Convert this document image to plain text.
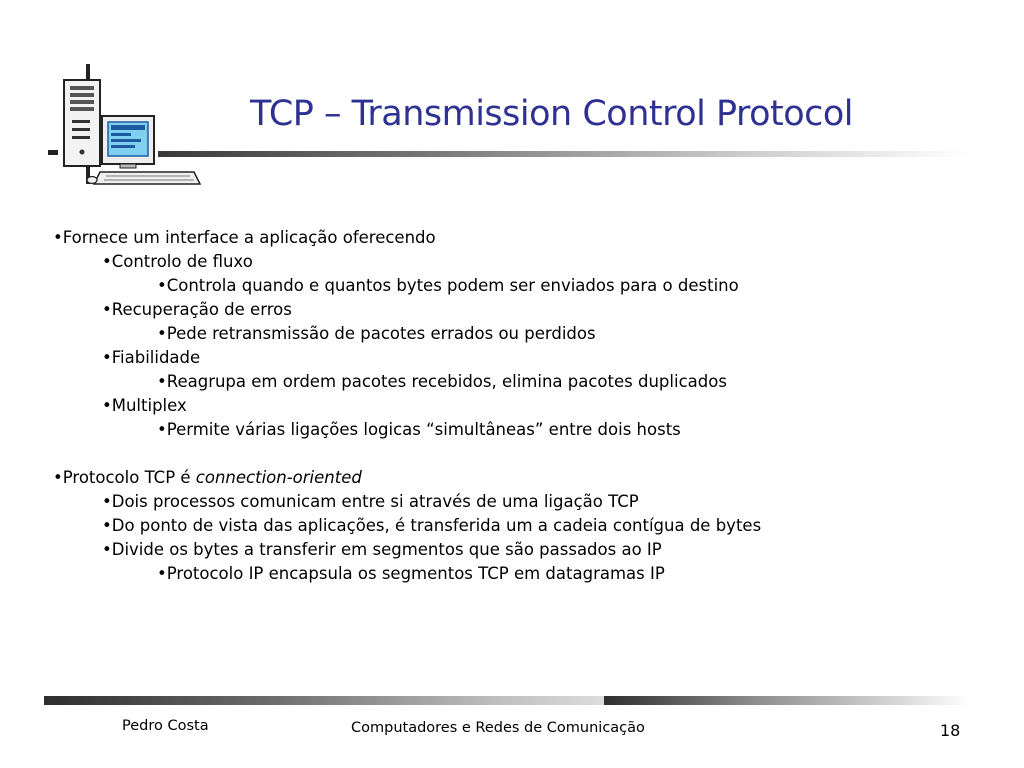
TCP – Transmission Control Protocol
•Fornece um interface a aplicação oferecendo
•Controlo de fluxo
•Controla quando e quantos bytes podem ser enviados para o destino
•Recuperação de erros
•Pede retransmissão de pacotes errados ou perdidos
•Fiabilidade
•Reagrupa em ordem pacotes recebidos, elimina pacotes duplicados
•Multiplex
•Permite várias ligações logicas “simultâneas” entre dois hosts
•Protocolo TCP é connection-oriented
•Dois processos comunicam entre si através de uma ligação TCP
•Do ponto de vista das aplicações, é transferida um a cadeia contígua de bytes
•Divide os bytes a transferir em segmentos que são passados ao IP
•Protocolo IP encapsula os segmentos TCP em datagramas IP
Pedro Costa	Computadores e Redes de Comunicação	18
